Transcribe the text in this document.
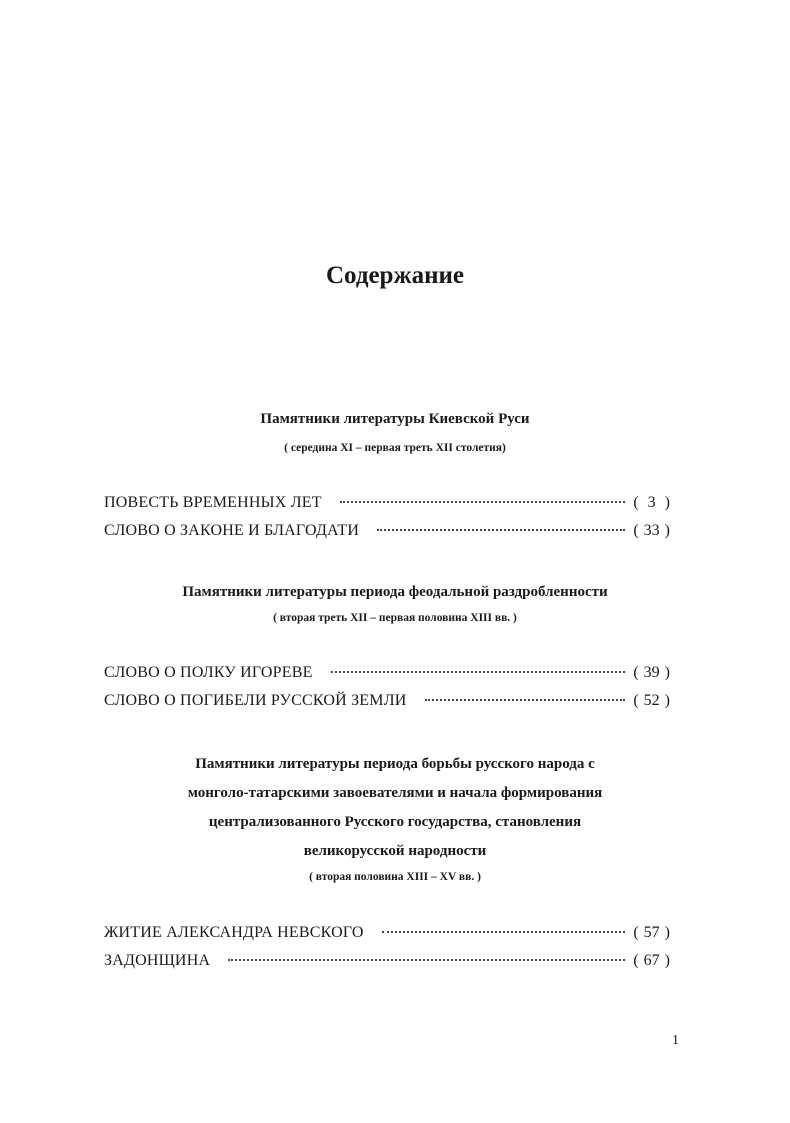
Содержание
Памятники литературы Киевской Руси
( середина XI – первая треть XII столетия)
ПОВЕСТЬ ВРЕМЕННЫХ ЛЕТ	( 3 )
СЛОВО О ЗАКОНЕ И БЛАГОДАТИ	( 33 )
Памятники литературы периода феодальной раздробленности
( вторая треть XII – первая половина XIII вв. )
СЛОВО О ПОЛКУ ИГОРЕВЕ	( 39 )
СЛОВО О ПОГИБЕЛИ РУССКОЙ ЗЕМЛИ	( 52 )
Памятники литературы периода борьбы русского народа с
монголо-татарскими завоевателями и начала формирования
централизованного Русского государства, становления
великорусской народности
( вторая половина XIII – XV вв. )
ЖИТИЕ АЛЕКСАНДРА НЕВСКОГО	( 57 )
ЗАДОНЩИНА	( 67 )
1
